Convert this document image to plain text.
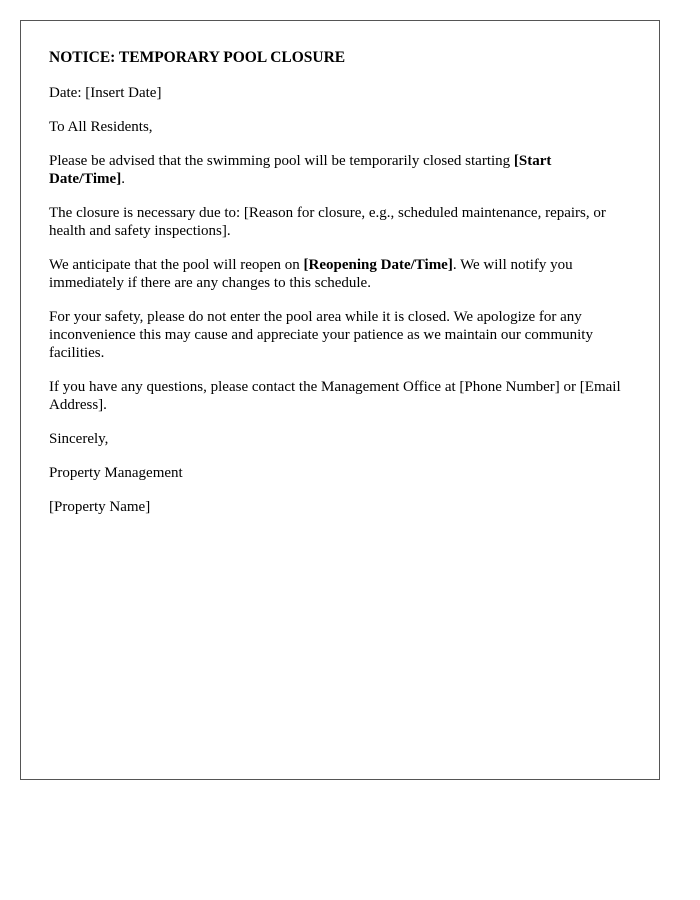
NOTICE: TEMPORARY POOL CLOSURE

Date: [Insert Date]

To All Residents,

Please be advised that the swimming pool will be temporarily closed starting [Start Date/Time].

The closure is necessary due to: [Reason for closure, e.g., scheduled maintenance, repairs, or health and safety inspections].

We anticipate that the pool will reopen on [Reopening Date/Time]. We will notify you immediately if there are any changes to this schedule.

For your safety, please do not enter the pool area while it is closed. We apologize for any inconvenience this may cause and appreciate your patience as we maintain our community facilities.

If you have any questions, please contact the Management Office at [Phone Number] or [Email Address].

Sincerely,

Property Management

[Property Name]
